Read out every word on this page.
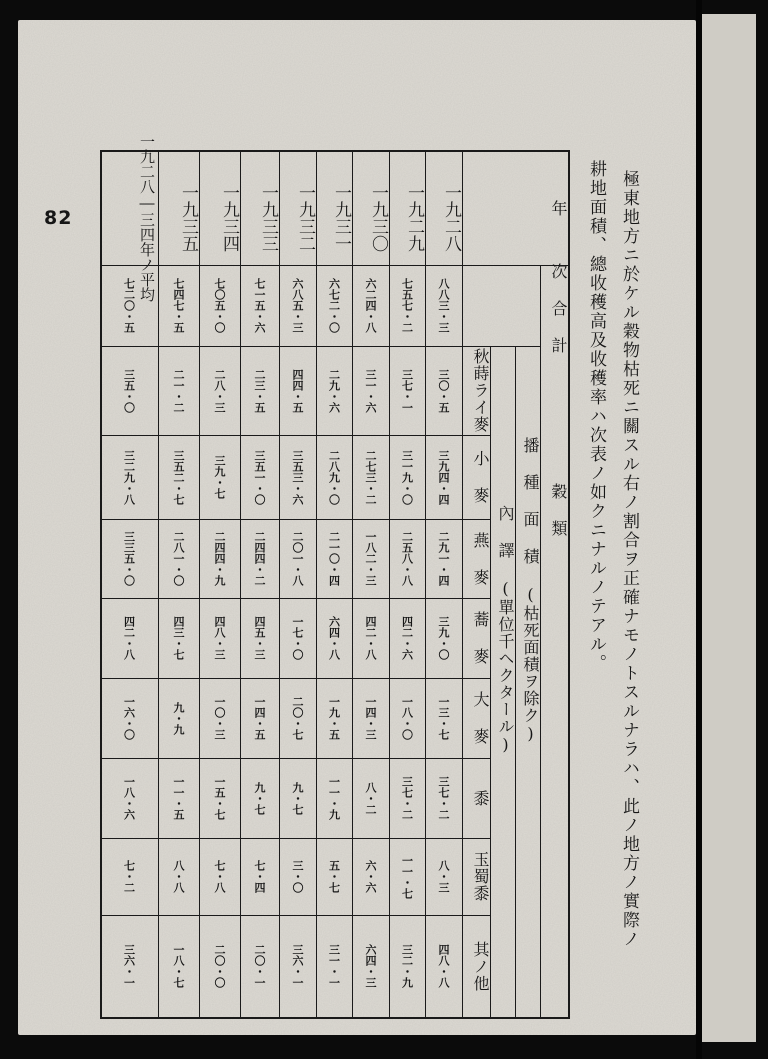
82	極東地方ニ於ケル穀物枯死ニ關スル右ノ割合ヲ正確ナモノトスルナラハ、此ノ地方ノ實際ノ
耕地面積、總收穫高及收穫率ハ次表ノ如クニナルノテアル。
年
次 合 計
穀 類
播 種 面 積 (枯死面積ヲ除ク)
內 譯 (單位千ヘクタール)
秋蒔ライ麥
小 麥
燕 麥
蕎 麥
大 麥
黍
玉蜀黍
其ノ他
一九二八
八八三・三
三〇・五
三九四・四
二九一・四
三九・〇
一三・七
三七・二
八・三
四八・八
一九二九
七五七・二
三七・一
三一九・〇
二五八・八
四二・六
一八・〇
三七・二
一一・七
三二・九
一九三〇
六二四・八
三一・六
二七三・二
一八二・三
四二・八
一四・三
八・二
六・六
六四・三
一九三一
六七二・〇
二九・六
二八九・〇
二一〇・四
六四・八
一九・五
一一・九
五・七
三一・一
一九三二
六八五・三
四四・五
三五三・六
二〇一・八
一七・〇
二〇・七
九・七
三・〇
三六・一
一九三三
七一五・六
二三・五
三五一・〇
二四四・二
四五・三
一四・五
九・七
七・四
二〇・一
一九三四
七〇五・〇
二八・三
三九・七
二四四・九
四八・三
一〇・三
一五・七
七・八
二〇・〇
一九三五
七四七・五
二一・二
三五二・七
二八一・〇
四三・七
九・九
一一・五
八・八
一八・七
一九二八―三四年ノ平均
七二〇・五
三五・〇
三二九・八
三三五・〇
四二・八
一六・〇
一八・六
七・二
三六・一
